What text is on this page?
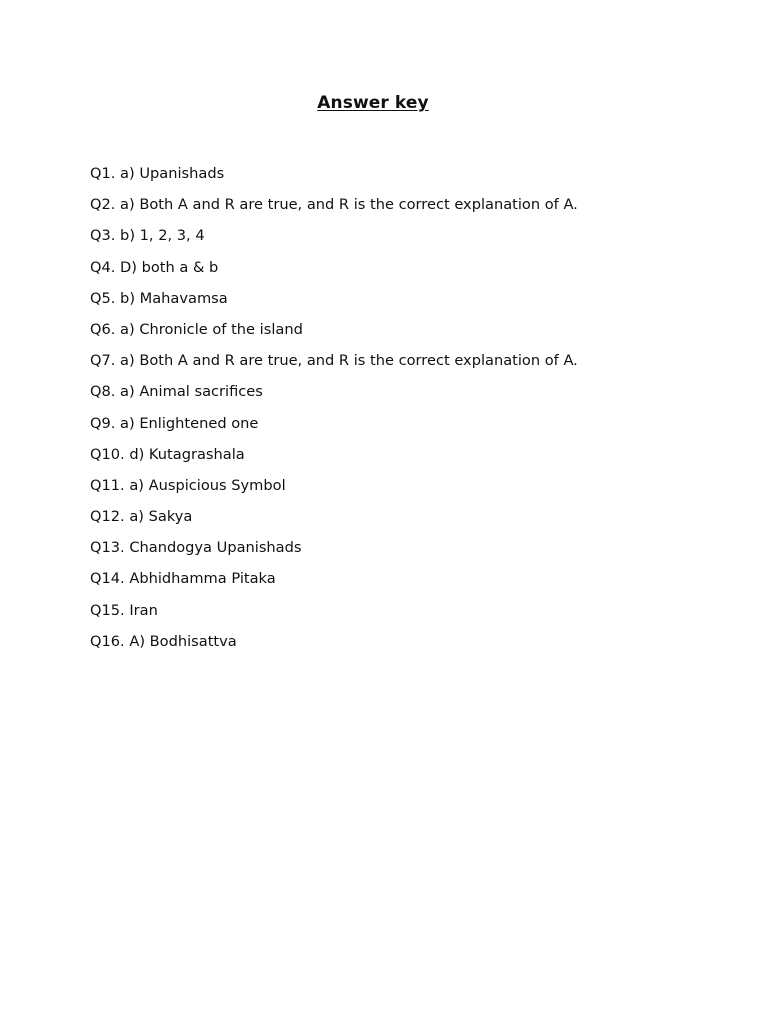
Answer key
Q1. a) Upanishads
Q2. a) Both A and R are true, and R is the correct explanation of A.
Q3. b) 1, 2, 3, 4
Q4. D) both a & b
Q5. b) Mahavamsa
Q6. a) Chronicle of the island
Q7. a) Both A and R are true, and R is the correct explanation of A.
Q8. a) Animal sacrifices
Q9. a) Enlightened one
Q10. d) Kutagrashala
Q11. a) Auspicious Symbol
Q12. a) Sakya
Q13. Chandogya Upanishads
Q14. Abhidhamma Pitaka
Q15. Iran
Q16. A) Bodhisattva
